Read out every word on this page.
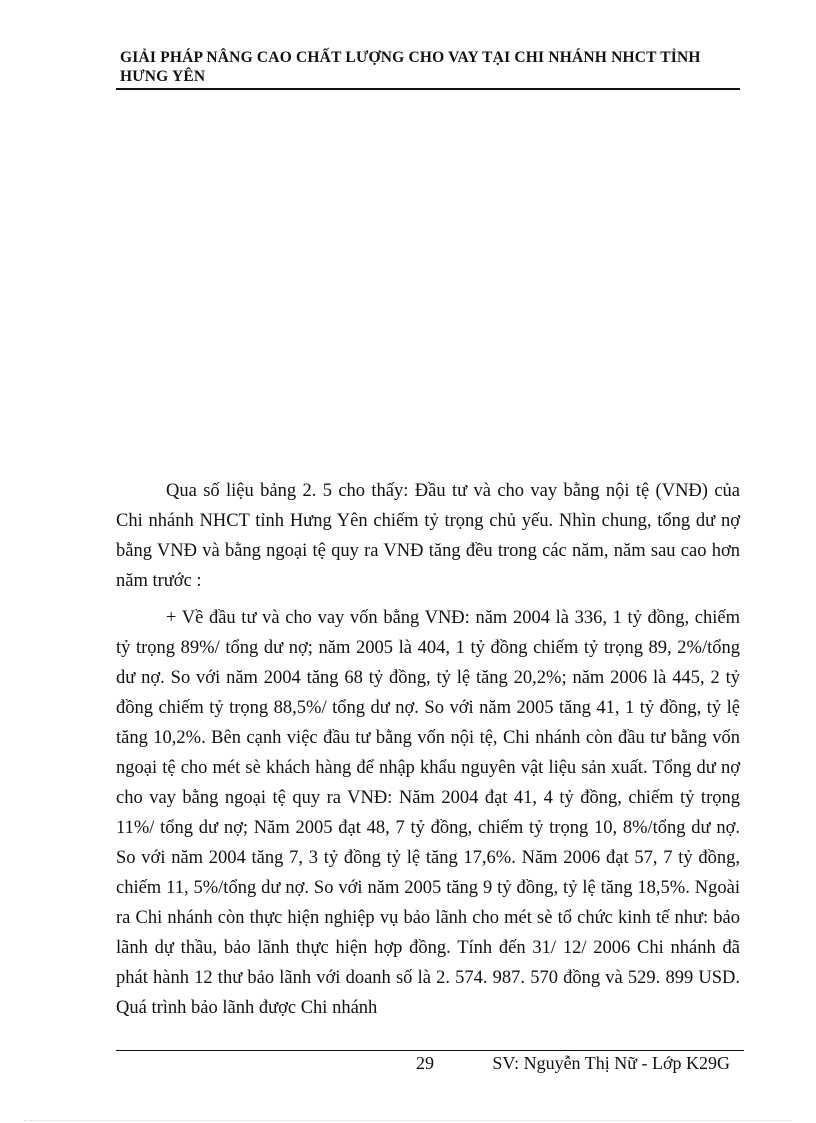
GIẢI PHÁP NÂNG CAO CHẤT LƯỢNG CHO VAY TẠI CHI NHÁNH NHCT TỈNH HƯNG YÊN

Qua số liệu bảng 2. 5 cho thấy: Đầu tư và cho vay bằng nội tệ (VNĐ) của Chi nhánh NHCT tỉnh Hưng Yên chiếm tỷ trọng chủ yếu. Nhìn chung, tổng dư nợ bằng VNĐ và bằng ngoại tệ quy ra VNĐ tăng đều trong các năm, năm sau cao hơn năm trước :

+ Về đầu tư và cho vay vốn bằng VNĐ: năm 2004 là 336, 1 tỷ đồng, chiếm tỷ trọng 89%/ tổng dư nợ; năm 2005 là 404, 1 tỷ đồng chiếm tỷ trọng 89, 2%/tổng dư nợ. So với năm 2004 tăng 68 tỷ đồng, tỷ lệ tăng 20,2%; năm 2006 là 445, 2 tỷ đồng chiếm tỷ trọng 88,5%/ tổng dư nợ. So với năm 2005 tăng 41, 1 tỷ đồng, tỷ lệ tăng 10,2%. Bên cạnh việc đầu tư bằng vốn nội tệ, Chi nhánh còn đầu tư bằng vốn ngoại tệ cho mét sè khách hàng để nhập khẩu nguyên vật liệu sản xuất. Tổng dư nợ cho vay bằng ngoại tệ quy ra VNĐ: Năm 2004 đạt 41, 4 tỷ đồng, chiếm tỷ trọng 11%/ tổng dư nợ; Năm 2005 đạt 48, 7 tỷ đồng, chiếm tỷ trọng 10, 8%/tổng dư nợ. So với năm 2004 tăng 7, 3 tỷ đồng tỷ lệ tăng 17,6%. Năm 2006 đạt 57, 7 tỷ đồng, chiếm 11, 5%/tổng dư nợ. So với năm 2005 tăng 9 tỷ đồng, tỷ lệ tăng 18,5%. Ngoài ra Chi nhánh còn thực hiện nghiệp vụ bảo lãnh cho mét sè tổ chức kinh tế như: bảo lãnh dự thầu, bảo lãnh thực hiện hợp đồng. Tính đến 31/ 12/ 2006 Chi nhánh đã phát hành 12 thư bảo lãnh với doanh số là 2. 574. 987. 570 đồng và 529. 899 USD. Quá trình bảo lãnh được Chi nhánh

29	SV: Nguyễn Thị Nữ - Lớp K29G
